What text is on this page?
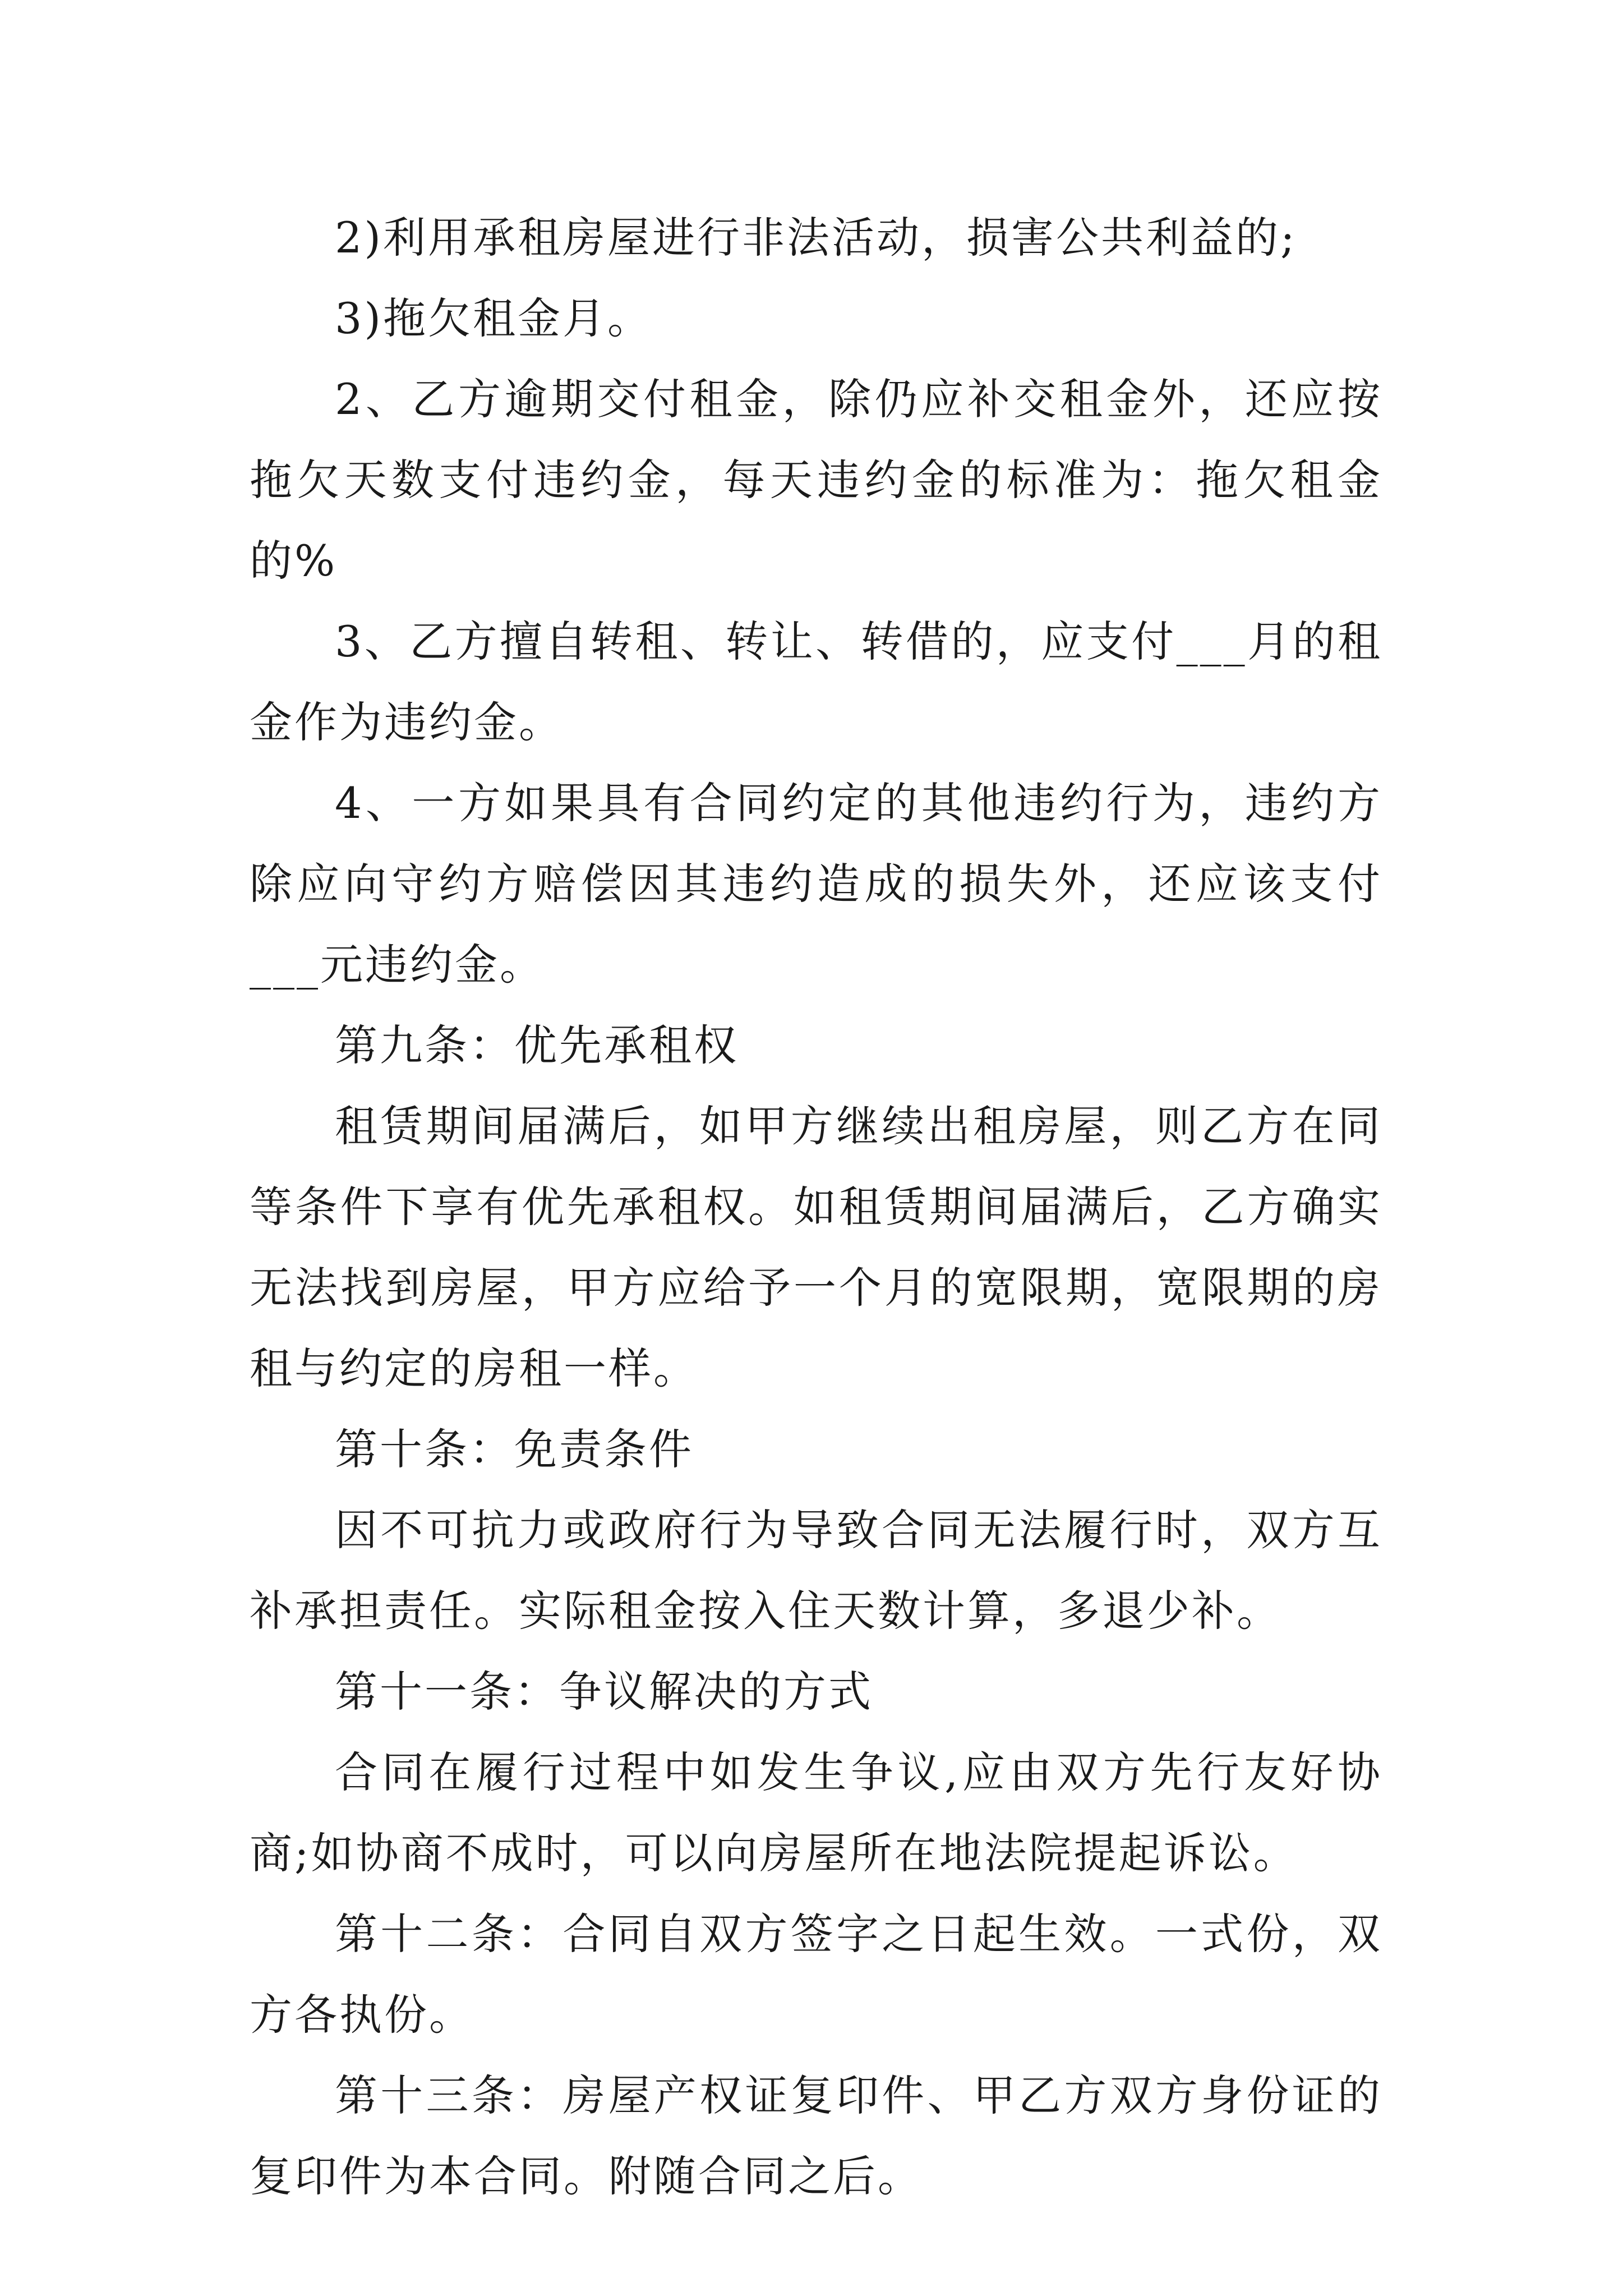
2)利用承租房屋进行非法活动，损害公共利益的;

3)拖欠租金月。

2、乙方逾期交付租金，除仍应补交租金外，还应按拖欠天数支付违约金，每天违约金的标准为：拖欠租金的%

3、乙方擅自转租、转让、转借的，应支付___月的租金作为违约金。

4、一方如果具有合同约定的其他违约行为，违约方除应向守约方赔偿因其违约造成的损失外，还应该支付___元违约金。

第九条：优先承租权

租赁期间届满后，如甲方继续出租房屋，则乙方在同等条件下享有优先承租权。如租赁期间届满后，乙方确实无法找到房屋，甲方应给予一个月的宽限期，宽限期的房租与约定的房租一样。

第十条：免责条件

因不可抗力或政府行为导致合同无法履行时，双方互补承担责任。实际租金按入住天数计算，多退少补。

第十一条：争议解决的方式

合同在履行过程中如发生争议,应由双方先行友好协商;如协商不成时，可以向房屋所在地法院提起诉讼。

第十二条：合同自双方签字之日起生效。一式份，双方各执份。

第十三条：房屋产权证复印件、甲乙方双方身份证的复印件为本合同。附随合同之后。
